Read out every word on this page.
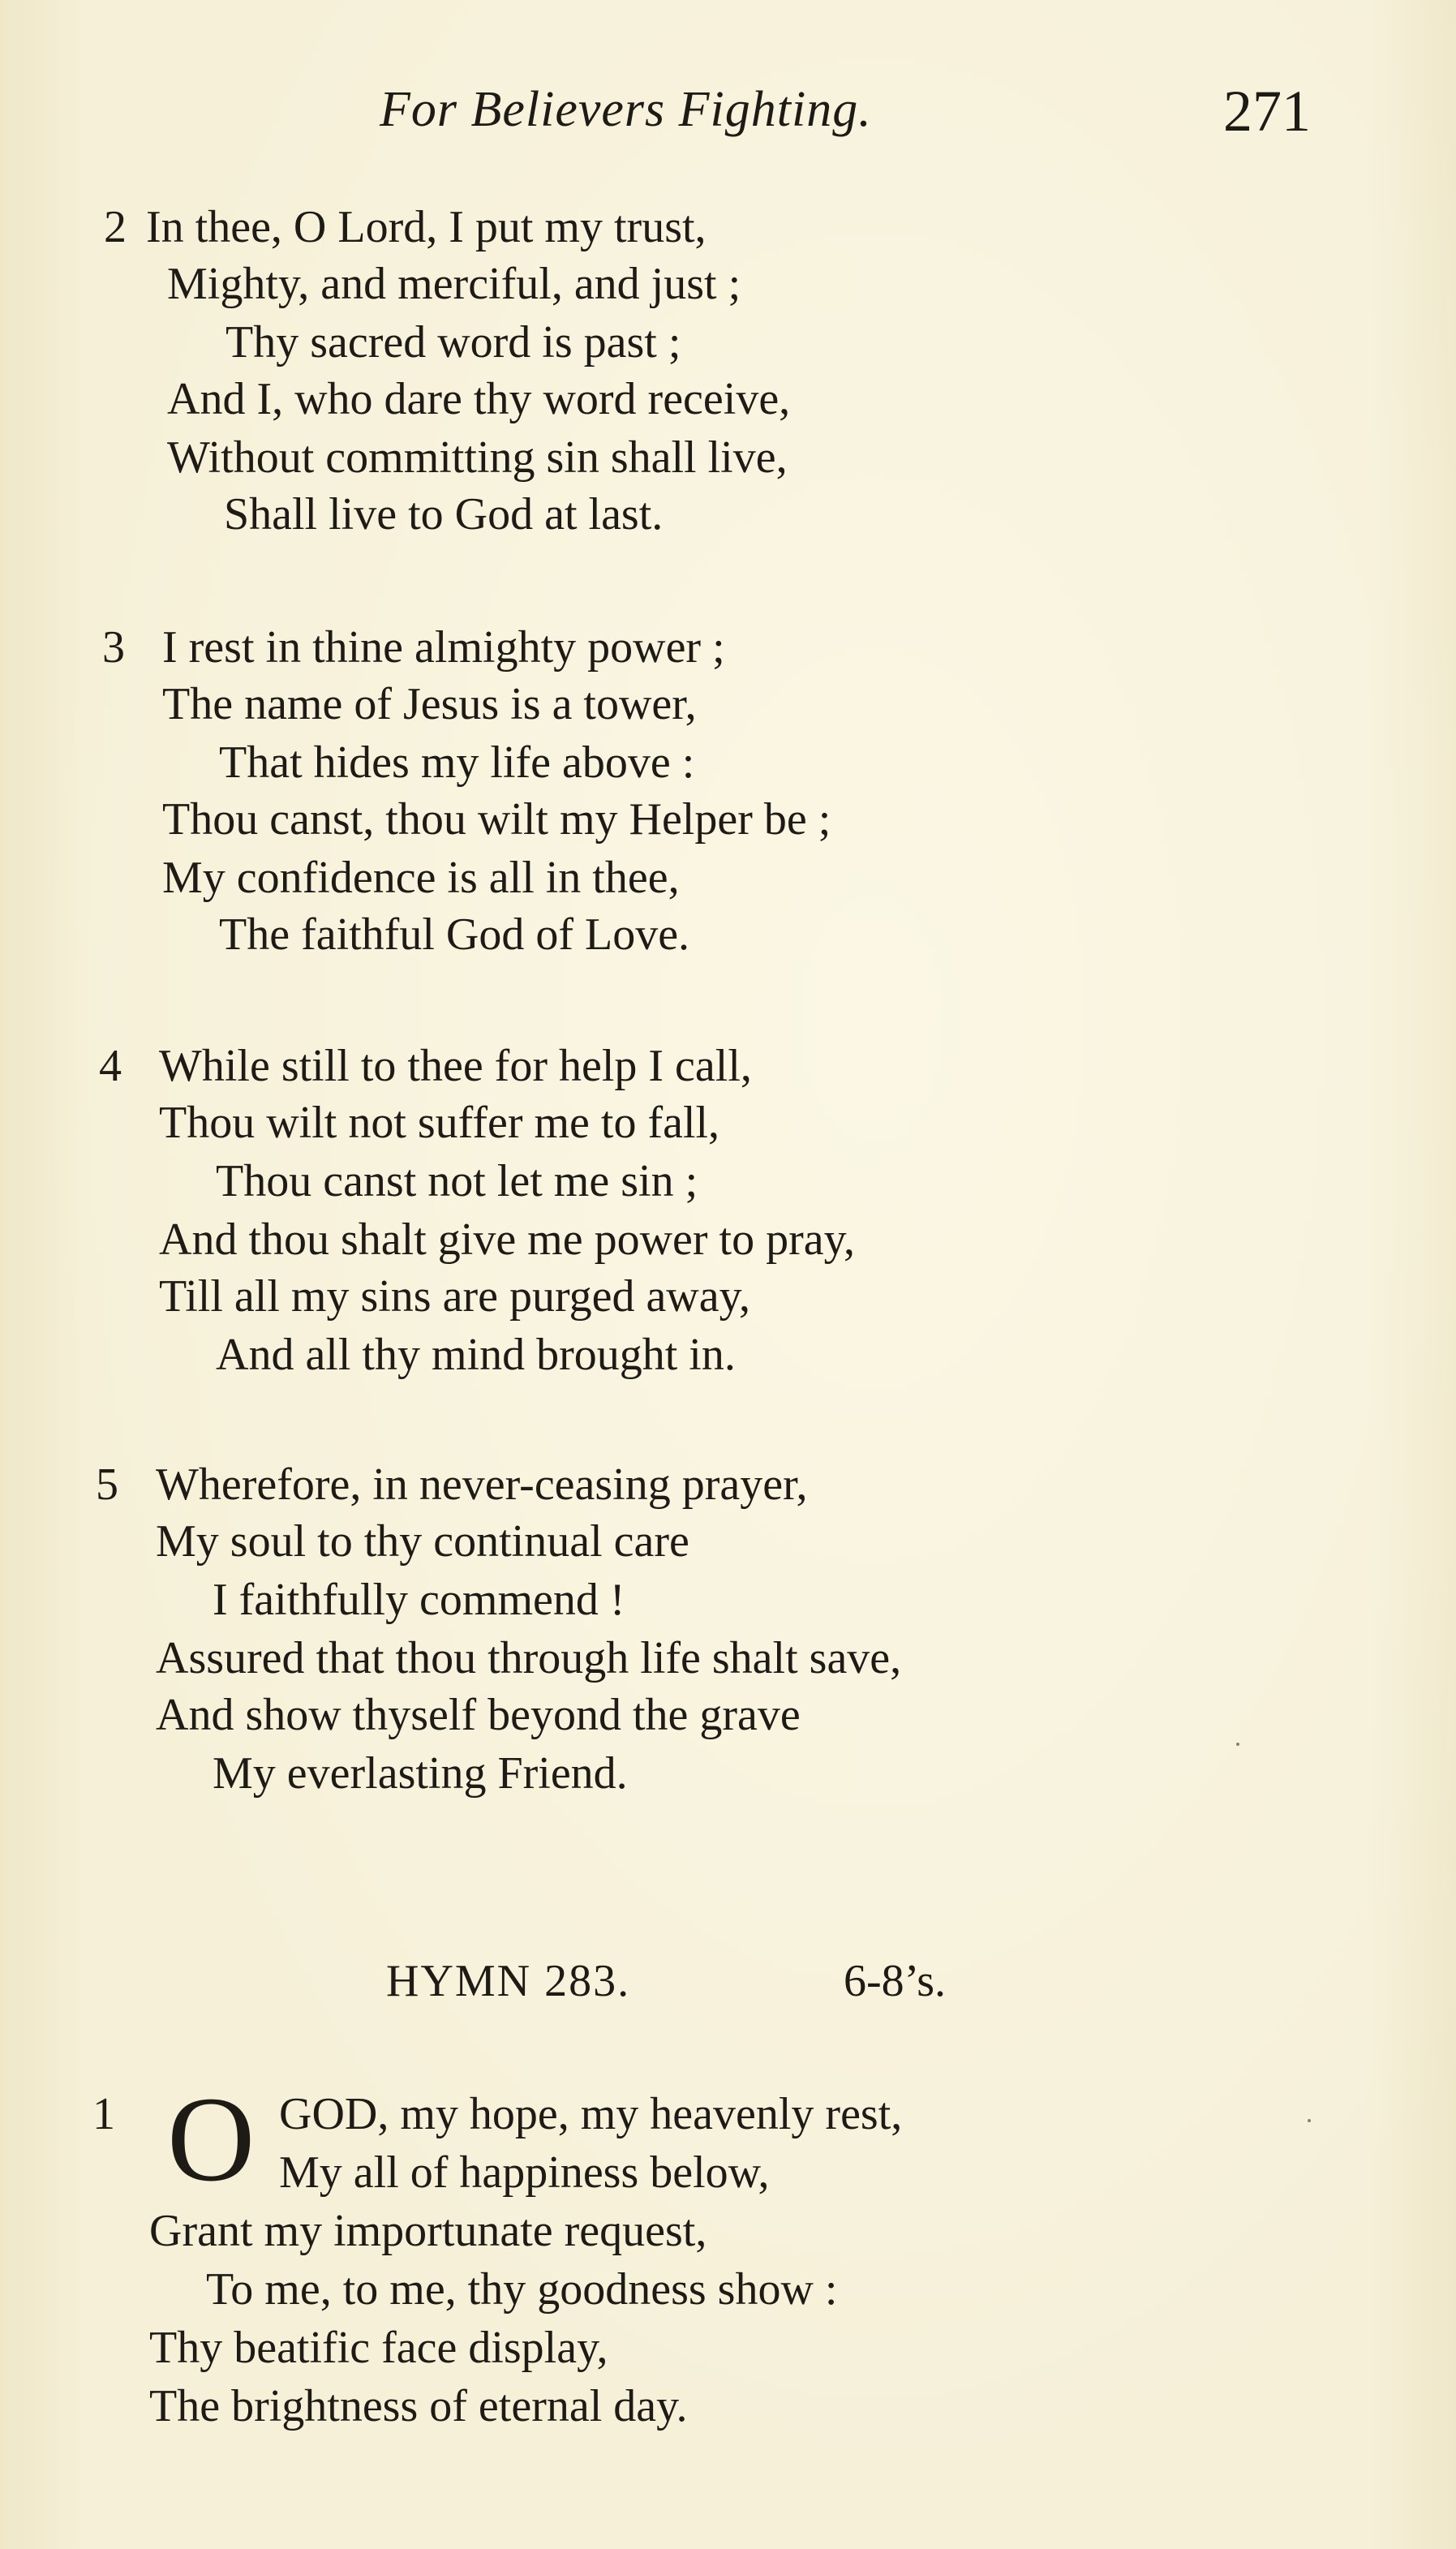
For Believers Fighting.	271
2 In thee, O Lord, I put my trust,
Mighty, and merciful, and just ;
Thy sacred word is past ;
And I, who dare thy word receive,
Without committing sin shall live,
Shall live to God at last.
3 I rest in thine almighty power ;
The name of Jesus is a tower,
That hides my life above :
Thou canst, thou wilt my Helper be ;
My confidence is all in thee,
The faithful God of Love.
4 While still to thee for help I call,
Thou wilt not suffer me to fall,
Thou canst not let me sin ;
And thou shalt give me power to pray,
Till all my sins are purged away,
And all thy mind brought in.
5 Wherefore, in never-ceasing prayer,
My soul to thy continual care
I faithfully commend !
Assured that thou through life shalt save,
And show thyself beyond the grave
My everlasting Friend.
HYMN 283.	6-8’s.
1 O GOD, my hope, my heavenly rest,
My all of happiness below,
Grant my importunate request,
To me, to me, thy goodness show :
Thy beatific face display,
The brightness of eternal day.
